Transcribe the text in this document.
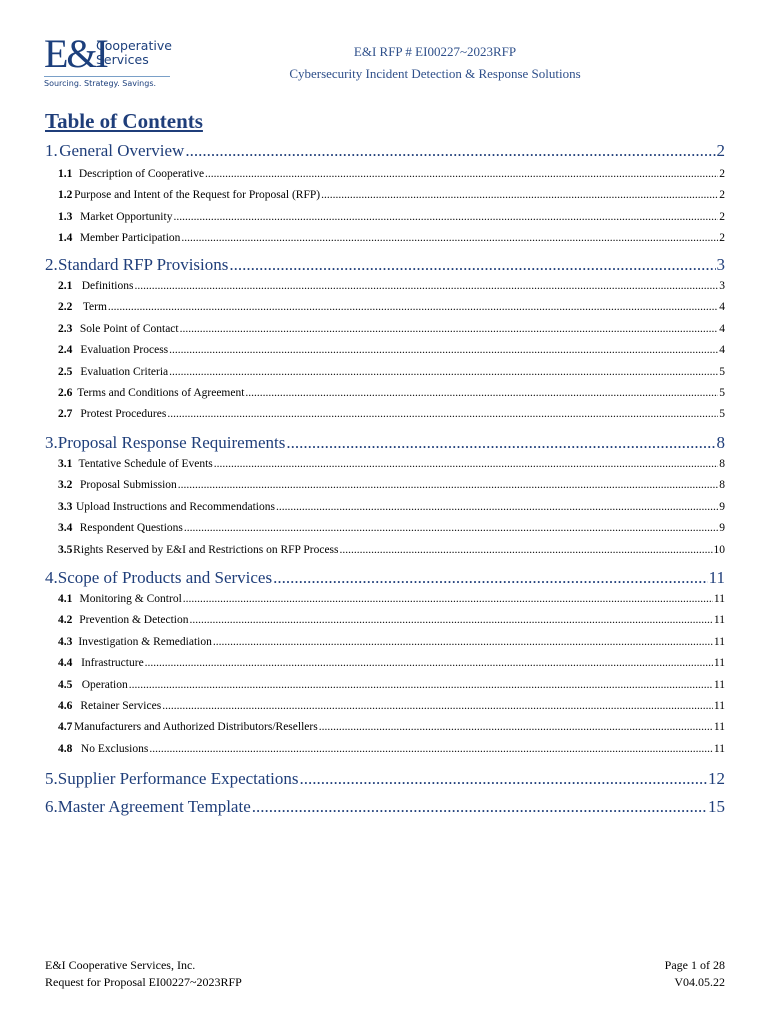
E&I
Cooperative
Services
Sourcing. Strategy. Savings.
E&I RFP # EI00227~2023RFP
Cybersecurity Incident Detection & Response Solutions
Table of Contents
1. General Overview .....	2
1.1 Description of Cooperative .....	2
1.2 Purpose and Intent of the Request for Proposal (RFP) .....	2
1.3 Market Opportunity .....	2
1.4 Member Participation .....	2
2. Standard RFP Provisions .....	3
2.1 Definitions .....	3
2.2 Term .....	4
2.3 Sole Point of Contact .....	4
2.4 Evaluation Process .....	4
2.5 Evaluation Criteria .....	5
2.6 Terms and Conditions of Agreement .....	5
2.7 Protest Procedures .....	5
3. Proposal Response Requirements .....	8
3.1 Tentative Schedule of Events .....	8
3.2 Proposal Submission .....	8
3.3 Upload Instructions and Recommendations .....	9
3.4 Respondent Questions .....	9
3.5 Rights Reserved by E&I and Restrictions on RFP Process .....	10
4. Scope of Products and Services .....	11
4.1 Monitoring & Control .....	11
4.2 Prevention & Detection .....	11
4.3 Investigation & Remediation .....	11
4.4 Infrastructure .....	11
4.5 Operation .....	11
4.6 Retainer Services .....	11
4.7 Manufacturers and Authorized Distributors/Resellers .....	11
4.8 No Exclusions .....	11
5. Supplier Performance Expectations .....	12
6. Master Agreement Template .....	15
E&I Cooperative Services, Inc.
Request for Proposal EI00227~2023RFP
Page 1 of 28
V04.05.22
